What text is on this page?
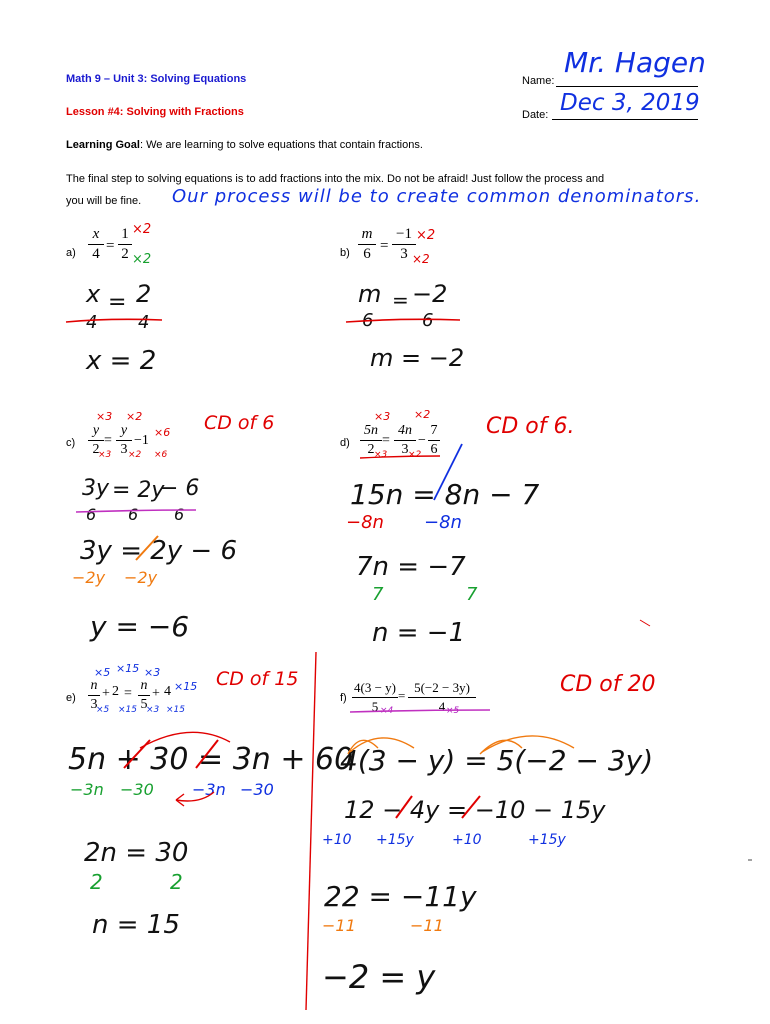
Math 9 – Unit 3: Solving Equations
Lesson #4: Solving with Fractions
Name:
Mr. Hagen
Date: Dec 3, 2019
Learning Goal: We are learning to solve equations that contain fractions.
The final step to solving equations is to add fractions into the mix. Do not be afraid! Just follow the process and
you will be fine. Our process will be to create common denominators.
a)
x
4 =
1
2
×2
×2
x = 2
4 4
x = 2
b)
m
6 =
−1
3
×2
×2
m = −2
6	6
m = −2
c)
y
2
=
y
3
−1
×3 ×2
×6
×3 ×2 ×6
CD of 6
3y = 2y
− 6
6 6 6
3y = 2y − 6
−2y −2y
y = −6
d)
5n
2
=
4n
3
−
7
6
×3 ×2
×3 ×2
CD of 6.
15n = 8n − 7
−8n −8n
7n = −7
7	7
n = −1
e)
n
3
+ 2 =
n
5
+ 4
×5 ×15 ×3
×15
×5 ×15 ×3 ×15
CD of 15
5n + 30 = 3n + 60
−3n −30 −3n −30
2n = 30
2	2
n = 15
f)
4(3 − y)
5
=
5(−2 − 3y)
4
×4	×5
CD of 20
4(3 − y) = 5(−2 − 3y)
12 − 4y = −10 − 15y
+10 +15y	+10	+15y
22 = −11y
−11	−11
−2 = y
